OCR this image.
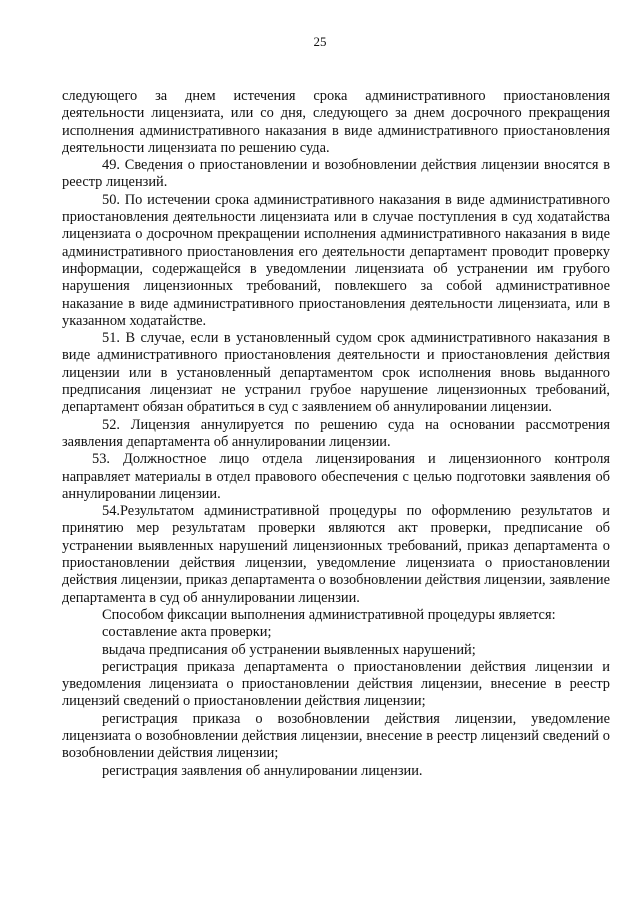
25

следующего за днем истечения срока административного приостановления деятельности лицензиата, или со дня, следующего за днем досрочного прекращения исполнения административного наказания в виде административного приостановления деятельности лицензиата по решению суда.

49. Сведения о приостановлении и возобновлении действия лицензии вносятся в реестр лицензий.

50. По истечении срока административного наказания в виде административного приостановления деятельности лицензиата или в случае поступления в суд ходатайства лицензиата о досрочном прекращении исполнения административного наказания в виде административного приостановления его деятельности департамент проводит проверку информации, содержащейся в уведомлении лицензиата об устранении им грубого нарушения лицензионных требований, повлекшего за собой административное наказание в виде административного приостановления деятельности лицензиата, или в указанном ходатайстве.

51. В случае, если в установленный судом срок административного наказания в виде административного приостановления деятельности и приостановления действия лицензии или в установленный департаментом срок исполнения вновь выданного предписания лицензиат не устранил грубое нарушение лицензионных требований, департамент обязан обратиться в суд с заявлением об аннулировании лицензии.

52. Лицензия аннулируется по решению суда на основании рассмотрения заявления департамента об аннулировании лицензии.

53. Должностное лицо отдела лицензирования и лицензионного контроля направляет материалы в отдел правового обеспечения с целью подготовки заявления об аннулировании лицензии.

54.Результатом административной процедуры по оформлению результатов и принятию мер результатам проверки являются акт проверки, предписание об устранении выявленных нарушений лицензионных требований, приказ департамента о приостановлении действия лицензии, уведомление лицензиата о приостановлении действия лицензии, приказ департамента о возобновлении действия лицензии, заявление департамента в суд об аннулировании лицензии.

Способом фиксации выполнения административной процедуры является:

составление акта проверки;

выдача предписания об устранении выявленных нарушений;

регистрация приказа департамента о приостановлении действия лицензии и уведомления лицензиата о приостановлении действия лицензии, внесение в реестр лицензий сведений о приостановлении действия лицензии;

регистрация приказа о возобновлении действия лицензии, уведомление лицензиата о возобновлении действия лицензии, внесение в реестр лицензий сведений о возобновлении действия лицензии;

регистрация заявления об аннулировании лицензии.
